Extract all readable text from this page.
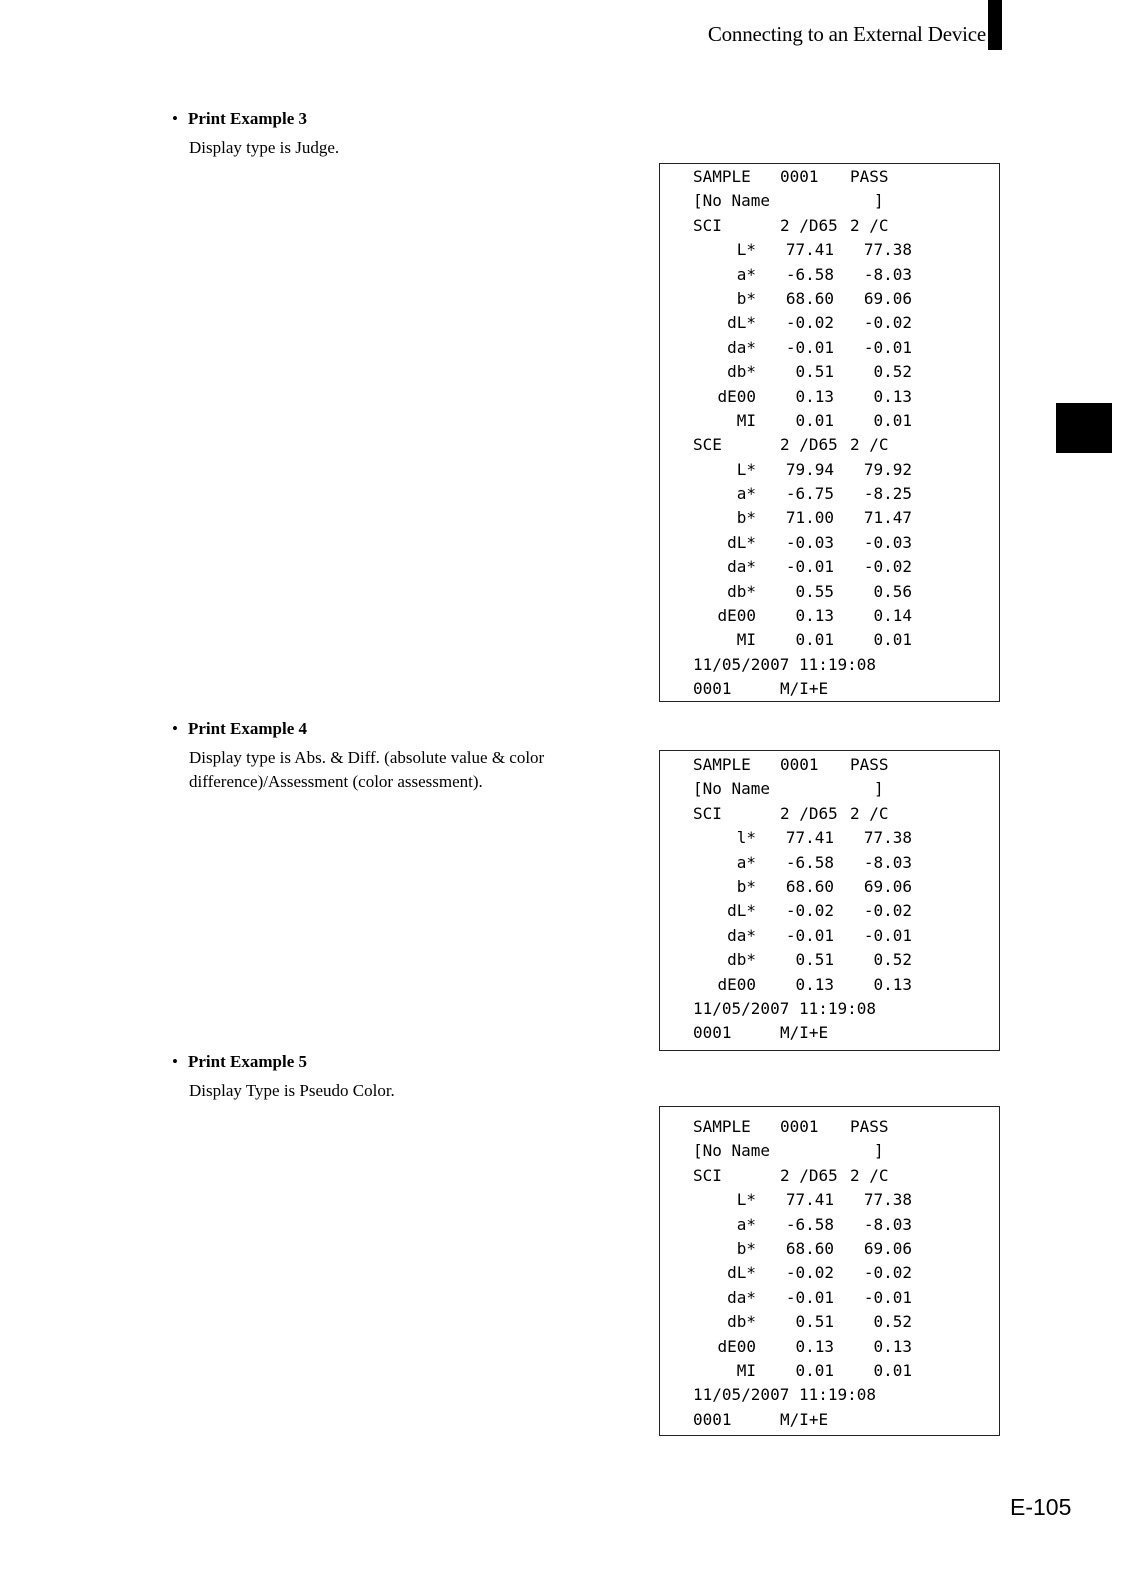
Connecting to an External Device
• Print Example 3
Display type is Judge.
SAMPLE 0001 PASS
[No Name	]
SCI	2 /D65 2 /C
L* 77.41 77.38
a* -6.58 -8.03
b* 68.60 69.06
dL* -0.02 -0.02
da* -0.01 -0.01
db* 0.51 0.52
dE00 0.13 0.13
MI 0.01 0.01
SCE	2 /D65 2 /C
L* 79.94 79.92
a* -6.75 -8.25
b* 71.00 71.47
dL* -0.03 -0.03
da* -0.01 -0.02
db* 0.55 0.56
dE00 0.13 0.14
MI 0.01 0.01
11/05/2007 11:19:08
0001	M/I+E
• Print Example 4
Display type is Abs. & Diff. (absolute value & color difference)/Assessment (color assessment).
SAMPLE 0001 PASS
[No Name	]
SCI	2 /D65 2 /C
l* 77.41 77.38
a* -6.58 -8.03
b* 68.60 69.06
dL* -0.02 -0.02
da* -0.01 -0.01
db* 0.51 0.52
dE00 0.13 0.13
11/05/2007 11:19:08
0001	M/I+E
• Print Example 5
Display Type is Pseudo Color.
SAMPLE 0001 PASS
[No Name	]
SCI	2 /D65 2 /C
L* 77.41 77.38
a* -6.58 -8.03
b* 68.60 69.06
dL* -0.02 -0.02
da* -0.01 -0.01
db* 0.51 0.52
dE00 0.13 0.13
MI 0.01 0.01
11/05/2007 11:19:08
0001	M/I+E
E-105
